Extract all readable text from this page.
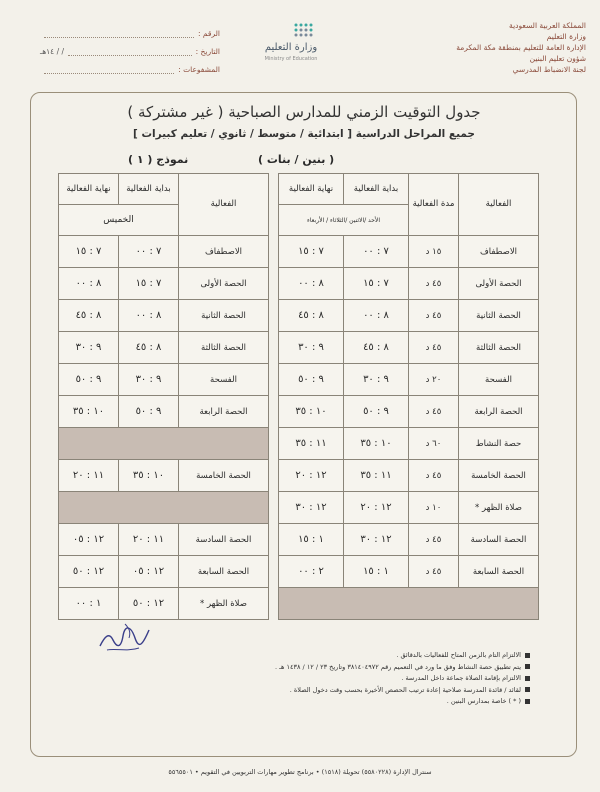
المملكة العربية السعودية
وزارة التعليم
الإدارة العامة للتعليم بمنطقة مكة المكرمة
شؤون تعليم البنين
لجنة الانضباط المدرسي
وزارة التعليم
Ministry of Education
الرقم :
التاريخ :
/ / ١٤هـ
المشفوعات :
جدول التوقيت الزمني للمدارس الصباحية ( غير مشتركة )
جميع المراحل الدراسية [ ابتدائية / متوسط / ثانوي / تعليم كبيرات ]
( بنين / بنات )
نموذج ( ١ )
الفعالية	مدة الفعالية	بداية الفعالية	نهاية الفعالية		الفعالية	بداية الفعالية	نهاية الفعالية
		الأحد /الاثنين /الثلاثاء / الأربعاء				الخميس	
الاصطفاف	١٥ د	٧ : ٠٠	٧ : ١٥		الاصطفاف	٧ : ٠٠	٧ : ١٥
الحصة الأولى	٤٥ د	٧ : ١٥	٨ : ٠٠		الحصة الأولى	٧ : ١٥	٨ : ٠٠
الحصة الثانية	٤٥ د	٨ : ٠٠	٨ : ٤٥		الحصة الثانية	٨ : ٠٠	٨ : ٤٥
الحصة الثالثة	٤٥ د	٨ : ٤٥	٩ : ٣٠		الحصة الثالثة	٨ : ٤٥	٩ : ٣٠
الفسحة	٢٠ د	٩ : ٣٠	٩ : ٥٠		الفسحة	٩ : ٣٠	٩ : ٥٠
الحصة الرابعة	٤٥ د	٩ : ٥٠	١٠ : ٣٥		الحصة الرابعة	٩ : ٥٠	١٠ : ٣٥
حصة النشاط	٦٠ د	١٠ : ٣٥	١١ : ٣٥				
الحصة الخامسة	٤٥ د	١١ : ٣٥	١٢ : ٢٠		الحصة الخامسة	١٠ : ٣٥	١١ : ٢٠
صلاة الظهر *	١٠ د	١٢ : ٢٠	١٢ : ٣٠				
الحصة السادسة	٤٥ د	١٢ : ٣٠	١ : ١٥		الحصة السادسة	١١ : ٢٠	١٢ : ٠٥
الحصة السابعة	٤٥ د	١ : ١٥	٢ : ٠٠		الحصة السابعة	١٢ : ٠٥	١٢ : ٥٠
					صلاة الظهر *	١٢ : ٥٠	١ : ٠٠
الالتزام التام بالزمن المتاح للفعاليات بالدقائق .
يتم تطبيق حصة النشاط وفق ما ورد في التعميم رقم ٣٨١٤٠٤٩٧٢ وتاريخ ٢٣ / ١٢ / ١٤٣٨ هـ .
الالتزام بإقامة الصلاة جماعة داخل المدرسة .
لقائد / قائدة المدرسة صلاحية إعادة ترتيب الحصص الأخيرة بحسب وقت دخول الصلاة .
( * ) خاصة بمدارس البنين .
سنترال الإدارة (٥٥٨٠٢٢٨) تحويلة (١٥١٨) • برنامج تطوير مهارات التربويين في التقويم • ٥٥٦٥٥٠١
